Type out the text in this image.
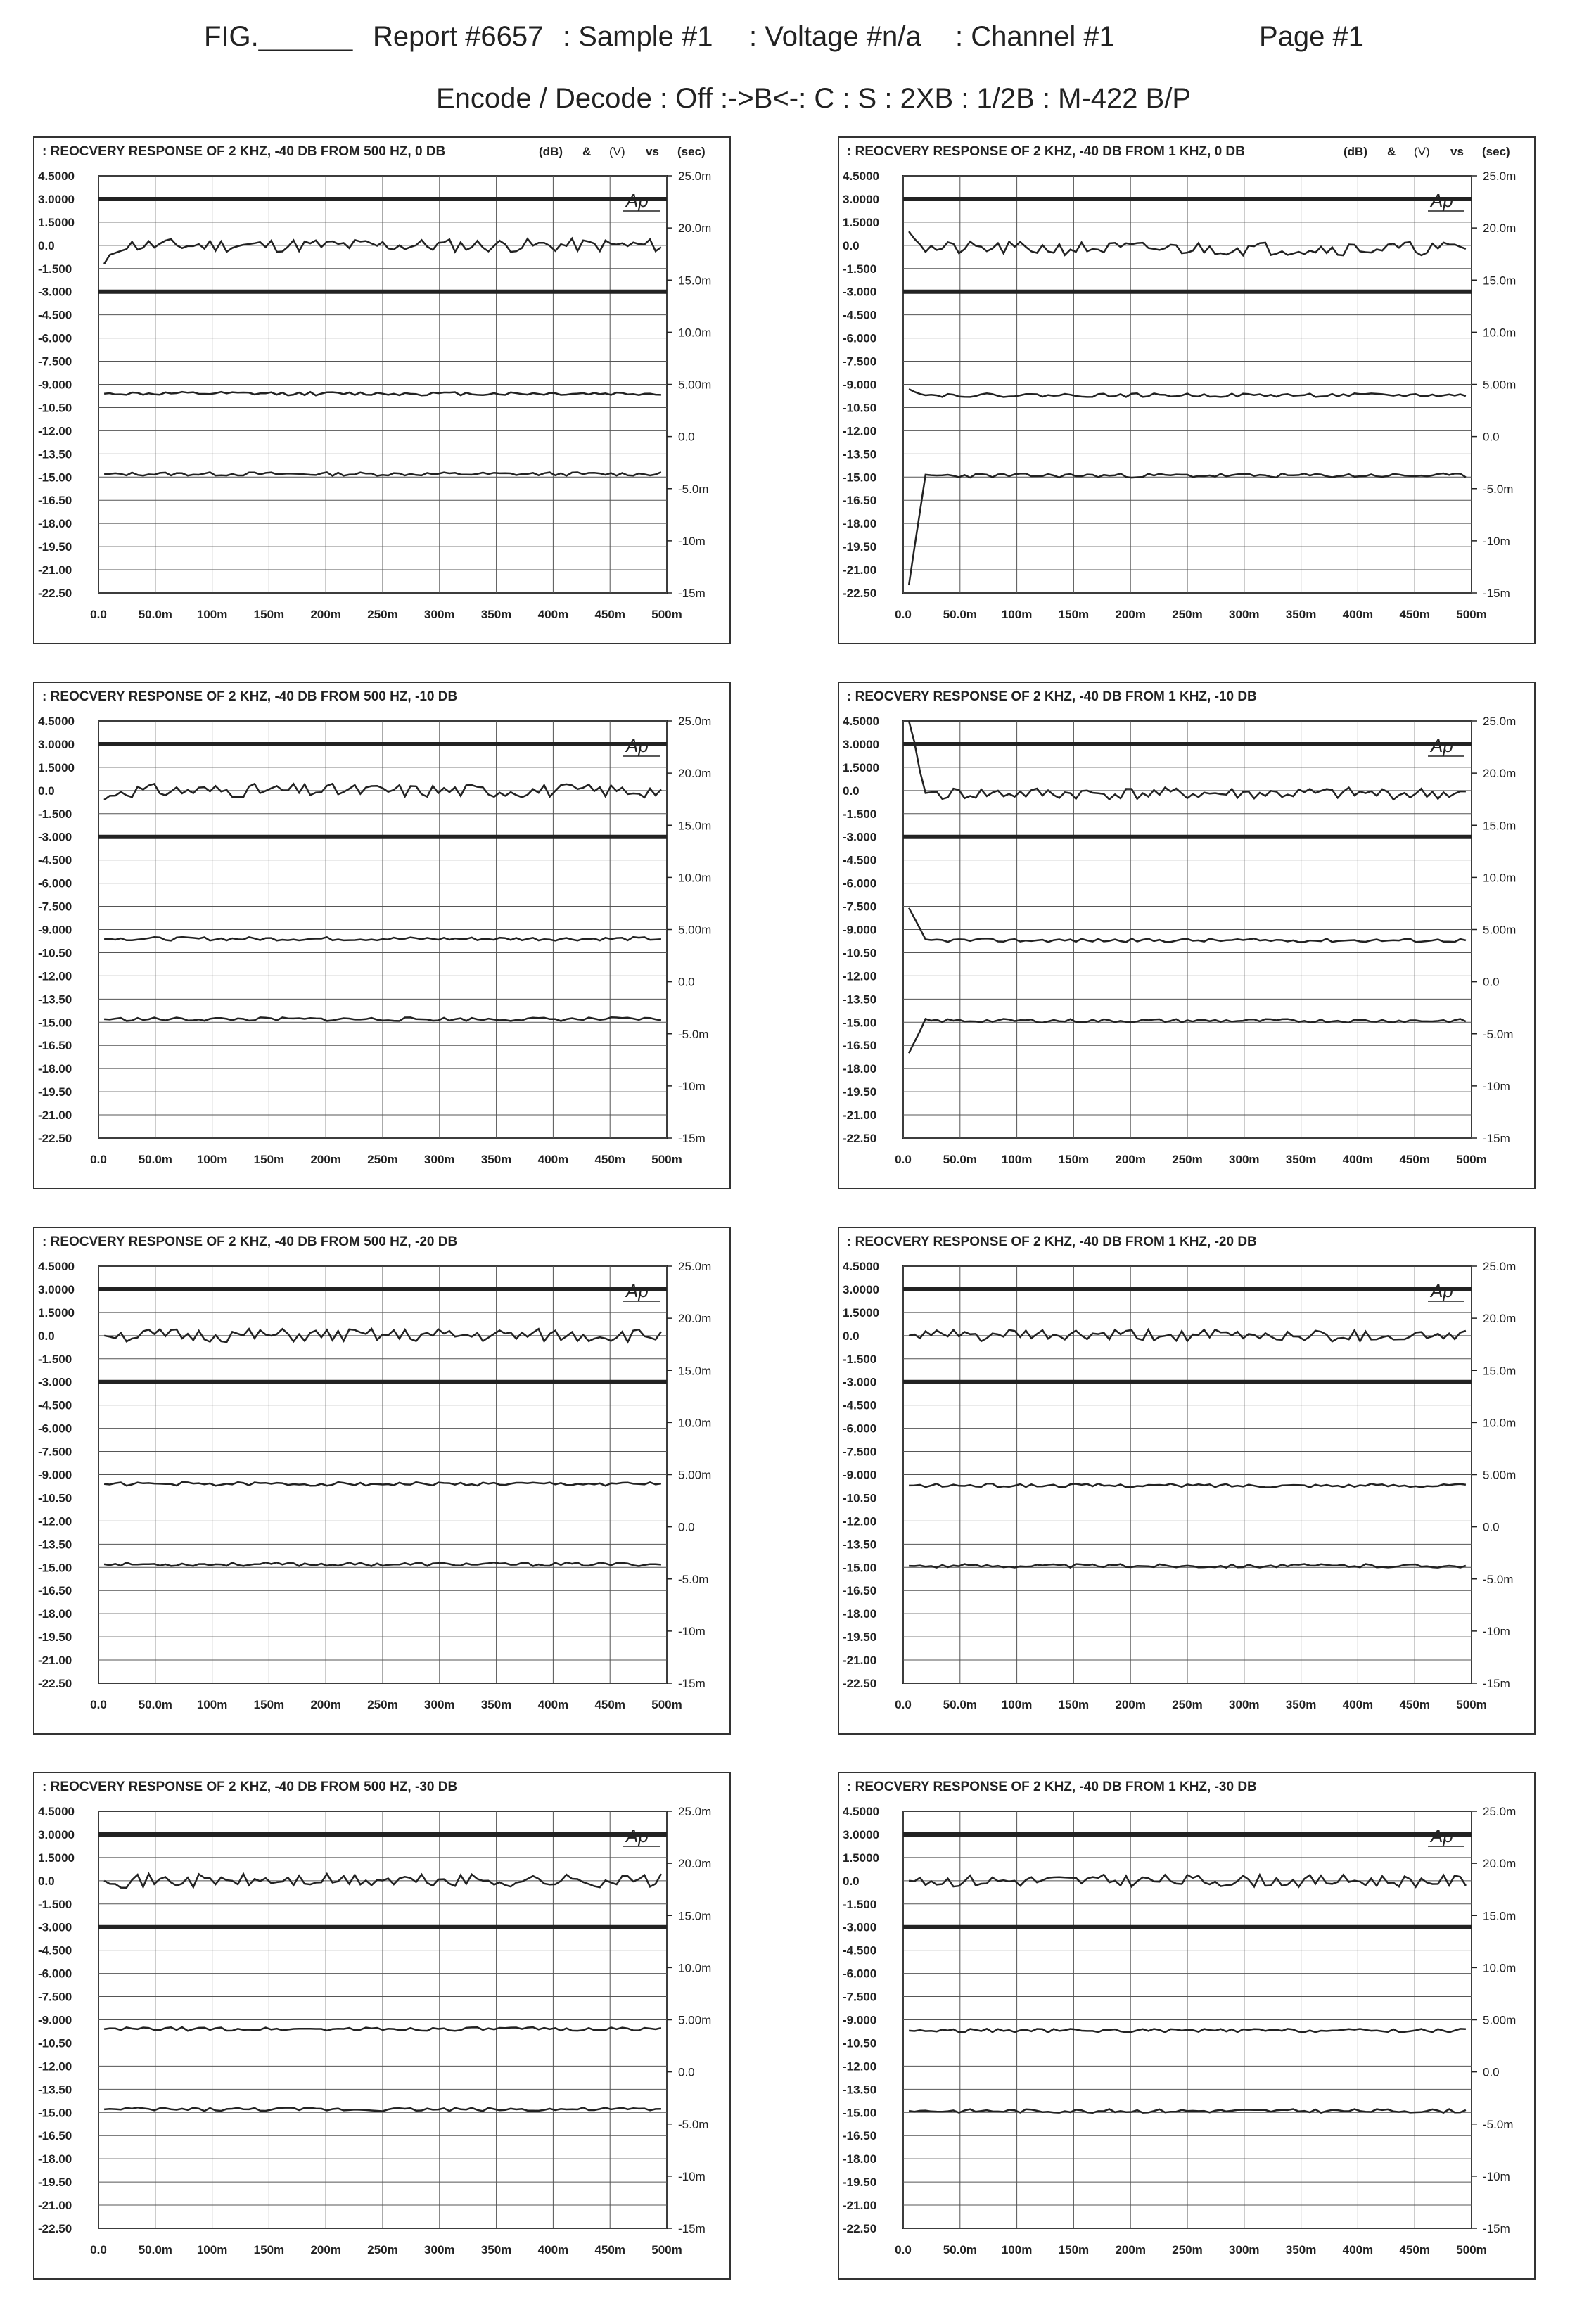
FIG.______ Report #6657 : Sample #1 : Voltage #n/a : Channel #1	Page #1
Encode / Decode : Off :->B<-: C : S : 2XB : 1/2B : M-422 B/P
: REOCVERY RESPONSE OF 2 KHZ, -40 DB FROM 500 HZ, 0 DB	(dB) & (V) vs (sec)
4.5000
3.0000
1.5000
0.0
-1.500
-3.000
-4.500
-6.000
-7.500
-9.000
-10.50
-12.00
-13.50
-15.00
-16.50
-18.00
-19.50
-21.00
-22.50
0.0	50.0m 100m 150m 200m 250m 300m 350m 400m 450m 500m
25.0m
20.0m
15.0m
10.0m
5.00m
0.0
-5.0m
-10m
-15m
Ap
: REOCVERY RESPONSE OF 2 KHZ, -40 DB FROM 1 KHZ, 0 DB	(dB) & (V) vs (sec)
4.5000
3.0000
1.5000
0.0
-1.500
-3.000
-4.500
-6.000
-7.500
-9.000
-10.50
-12.00
-13.50
-15.00
-16.50
-18.00
-19.50
-21.00
-22.50
0.0	50.0m 100m 150m 200m 250m 300m 350m 400m 450m 500m
25.0m
20.0m
15.0m
10.0m
5.00m
0.0
-5.0m
-10m
-15m
Ap
: REOCVERY RESPONSE OF 2 KHZ, -40 DB FROM 500 HZ, -10 DB
4.5000
3.0000
1.5000
0.0
-1.500
-3.000
-4.500
-6.000
-7.500
-9.000
-10.50
-12.00
-13.50
-15.00
-16.50
-18.00
-19.50
-21.00
-22.50
0.0	50.0m 100m 150m 200m 250m 300m 350m 400m 450m 500m
25.0m
20.0m
15.0m
10.0m
5.00m
0.0
-5.0m
-10m
-15m
Ap
: REOCVERY RESPONSE OF 2 KHZ, -40 DB FROM 1 KHZ, -10 DB
4.5000
3.0000
1.5000
0.0
-1.500
-3.000
-4.500
-6.000
-7.500
-9.000
-10.50
-12.00
-13.50
-15.00
-16.50
-18.00
-19.50
-21.00
-22.50
0.0	50.0m 100m 150m 200m 250m 300m 350m 400m 450m 500m
25.0m
20.0m
15.0m
10.0m
5.00m
0.0
-5.0m
-10m
-15m
Ap
: REOCVERY RESPONSE OF 2 KHZ, -40 DB FROM 500 HZ, -20 DB
4.5000
3.0000
1.5000
0.0
-1.500
-3.000
-4.500
-6.000
-7.500
-9.000
-10.50
-12.00
-13.50
-15.00
-16.50
-18.00
-19.50
-21.00
-22.50
0.0	50.0m 100m 150m 200m 250m 300m 350m 400m 450m 500m
25.0m
20.0m
15.0m
10.0m
5.00m
0.0
-5.0m
-10m
-15m
Ap
: REOCVERY RESPONSE OF 2 KHZ, -40 DB FROM 1 KHZ, -20 DB
4.5000
3.0000
1.5000
0.0
-1.500
-3.000
-4.500
-6.000
-7.500
-9.000
-10.50
-12.00
-13.50
-15.00
-16.50
-18.00
-19.50
-21.00
-22.50
0.0	50.0m 100m 150m 200m 250m 300m 350m 400m 450m 500m
25.0m
20.0m
15.0m
10.0m
5.00m
0.0
-5.0m
-10m
-15m
Ap
: REOCVERY RESPONSE OF 2 KHZ, -40 DB FROM 500 HZ, -30 DB
4.5000
3.0000
1.5000
0.0
-1.500
-3.000
-4.500
-6.000
-7.500
-9.000
-10.50
-12.00
-13.50
-15.00
-16.50
-18.00
-19.50
-21.00
-22.50
0.0	50.0m 100m 150m 200m 250m 300m 350m 400m 450m 500m
25.0m
20.0m
15.0m
10.0m
5.00m
0.0
-5.0m
-10m
-15m
Ap
: REOCVERY RESPONSE OF 2 KHZ, -40 DB FROM 1 KHZ, -30 DB
4.5000
3.0000
1.5000
0.0
-1.500
-3.000
-4.500
-6.000
-7.500
-9.000
-10.50
-12.00
-13.50
-15.00
-16.50
-18.00
-19.50
-21.00
-22.50
0.0	50.0m 100m 150m 200m 250m 300m 350m 400m 450m 500m
25.0m
20.0m
15.0m
10.0m
5.00m
0.0
-5.0m
-10m
-15m
Ap
